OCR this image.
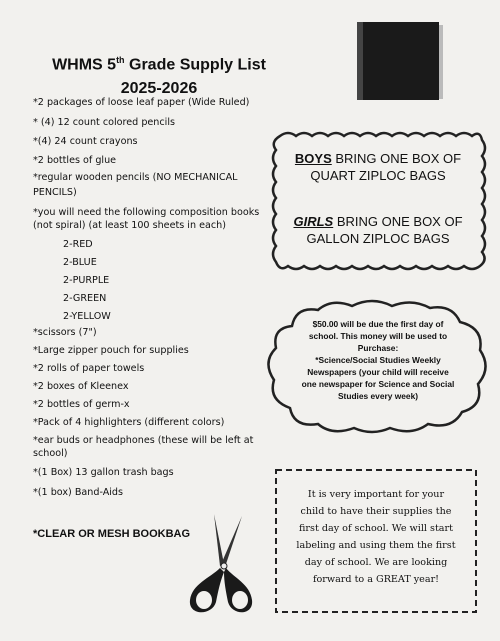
WHMS 5th Grade Supply List
2025-2026
*2 packages of loose leaf paper (Wide Ruled)
* (4) 12 count colored pencils
*(4) 24 count crayons
*2 bottles of glue
*regular wooden pencils (NO MECHANICAL
PENCILS)
*you will need the following composition books (not spiral) (at least 100 sheets in each)
2-RED
2-BLUE
2-PURPLE
2-GREEN
2-YELLOW
*scissors (7")
*Large zipper pouch for supplies
*2 rolls of paper towels
*2 boxes of Kleenex
*2 bottles of germ-x
*Pack of 4 highlighters (different colors)
*ear buds or headphones (these will be left at school)
*(1 Box) 13 gallon trash bags
*(1 box) Band-Aids
*CLEAR OR MESH BOOKBAG
BOYS BRING ONE BOX OF
QUART ZIPLOC BAGS
GIRLS BRING ONE BOX OF
GALLON ZIPLOC BAGS
$50.00 will be due the first day of
school. This money will be used to
Purchase:
*Science/Social Studies Weekly
Newspapers (your child will receive
one newspaper for Science and Social
Studies every week)
It is very important for your
child to have their supplies the
first day of school. We will start
labeling and using them the first
day of school. We are looking
forward to a GREAT year!
